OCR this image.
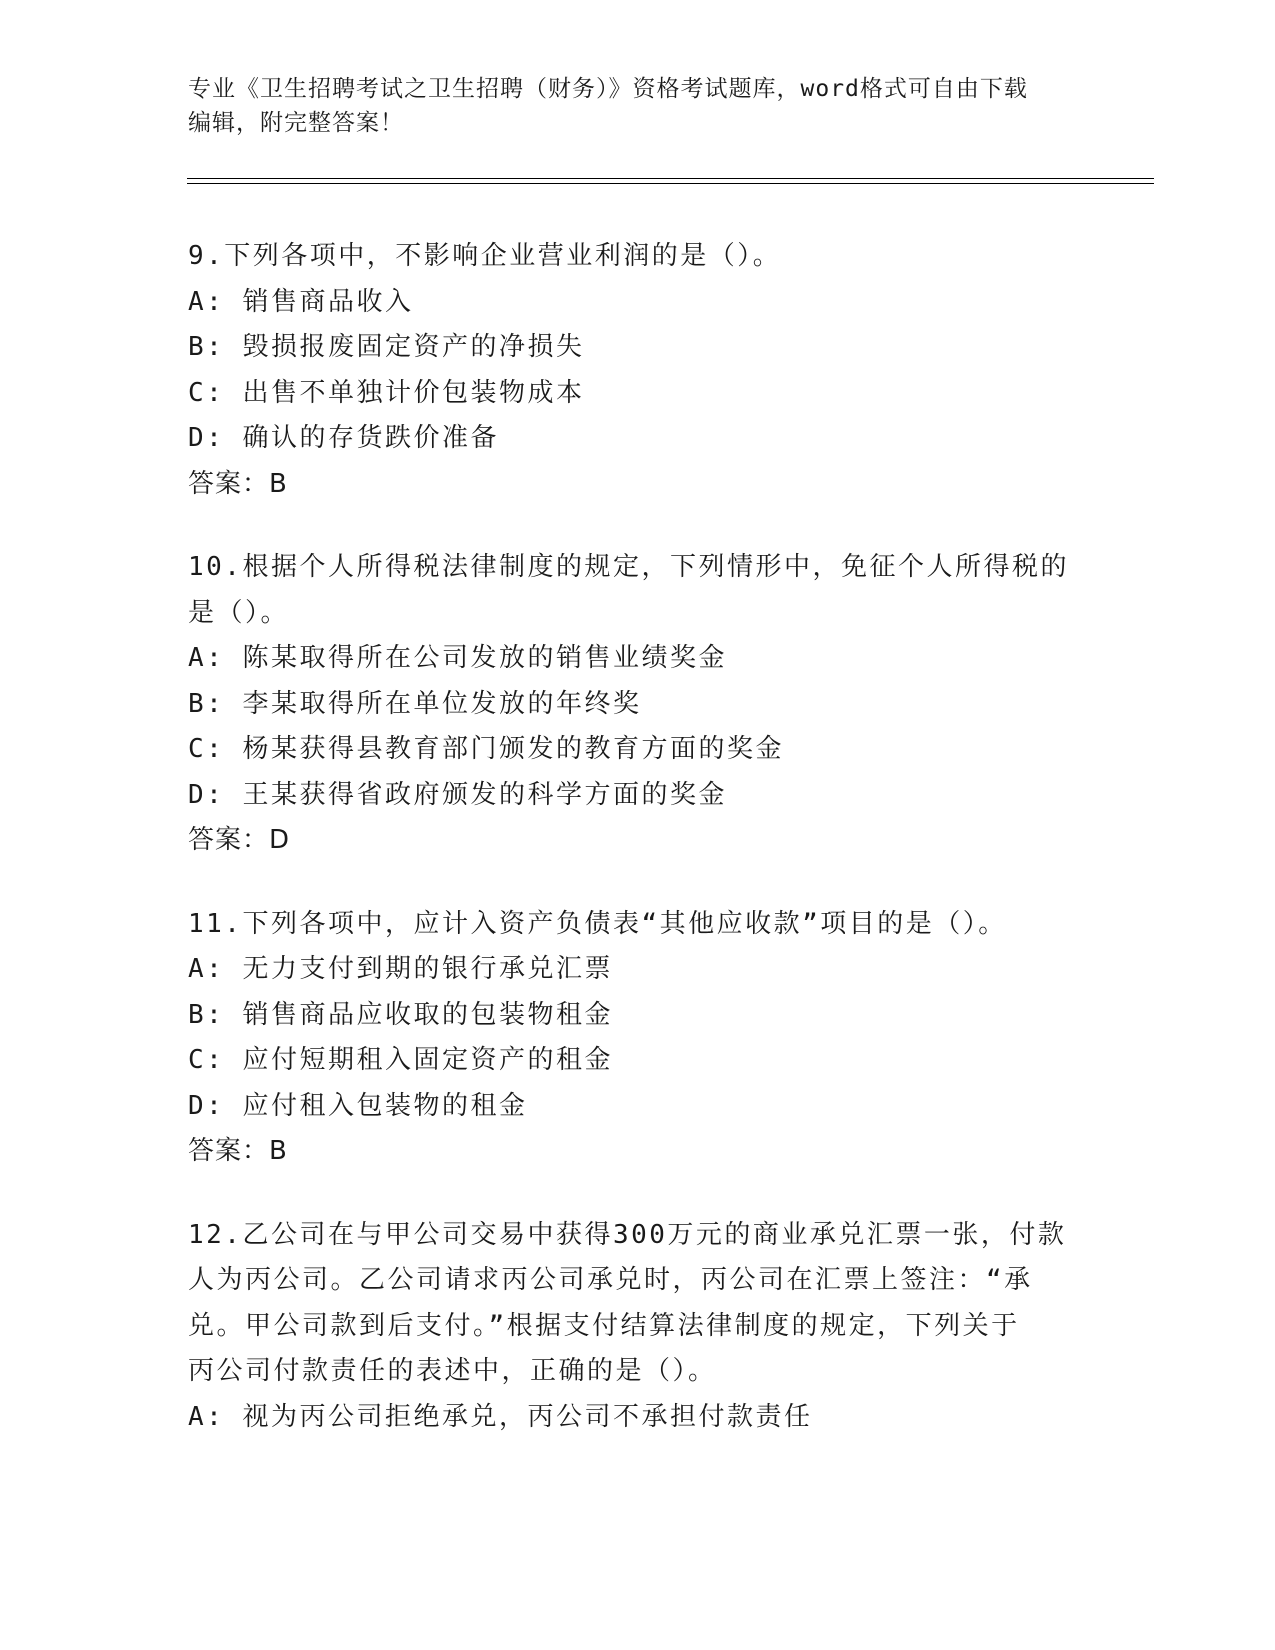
专业《卫生招聘考试之卫生招聘（财务）》资格考试题库，word格式可自由下载
编辑，附完整答案！
9.下列各项中，不影响企业营业利润的是（）。
A: 销售商品收入
B: 毁损报废固定资产的净损失
C: 出售不单独计价包装物成本
D: 确认的存货跌价准备
答案：B
10.根据个人所得税法律制度的规定，下列情形中，免征个人所得税的
是（）。
A: 陈某取得所在公司发放的销售业绩奖金
B: 李某取得所在单位发放的年终奖
C: 杨某获得县教育部门颁发的教育方面的奖金
D: 王某获得省政府颁发的科学方面的奖金
答案：D
11.下列各项中，应计入资产负债表“其他应收款”项目的是（）。
A: 无力支付到期的银行承兑汇票
B: 销售商品应收取的包装物租金
C: 应付短期租入固定资产的租金
D: 应付租入包装物的租金
答案：B
12.乙公司在与甲公司交易中获得300万元的商业承兑汇票一张，付款
人为丙公司。乙公司请求丙公司承兑时，丙公司在汇票上签注：“承
兑。甲公司款到后支付。”根据支付结算法律制度的规定，下列关于
丙公司付款责任的表述中，正确的是（）。
A: 视为丙公司拒绝承兑，丙公司不承担付款责任
